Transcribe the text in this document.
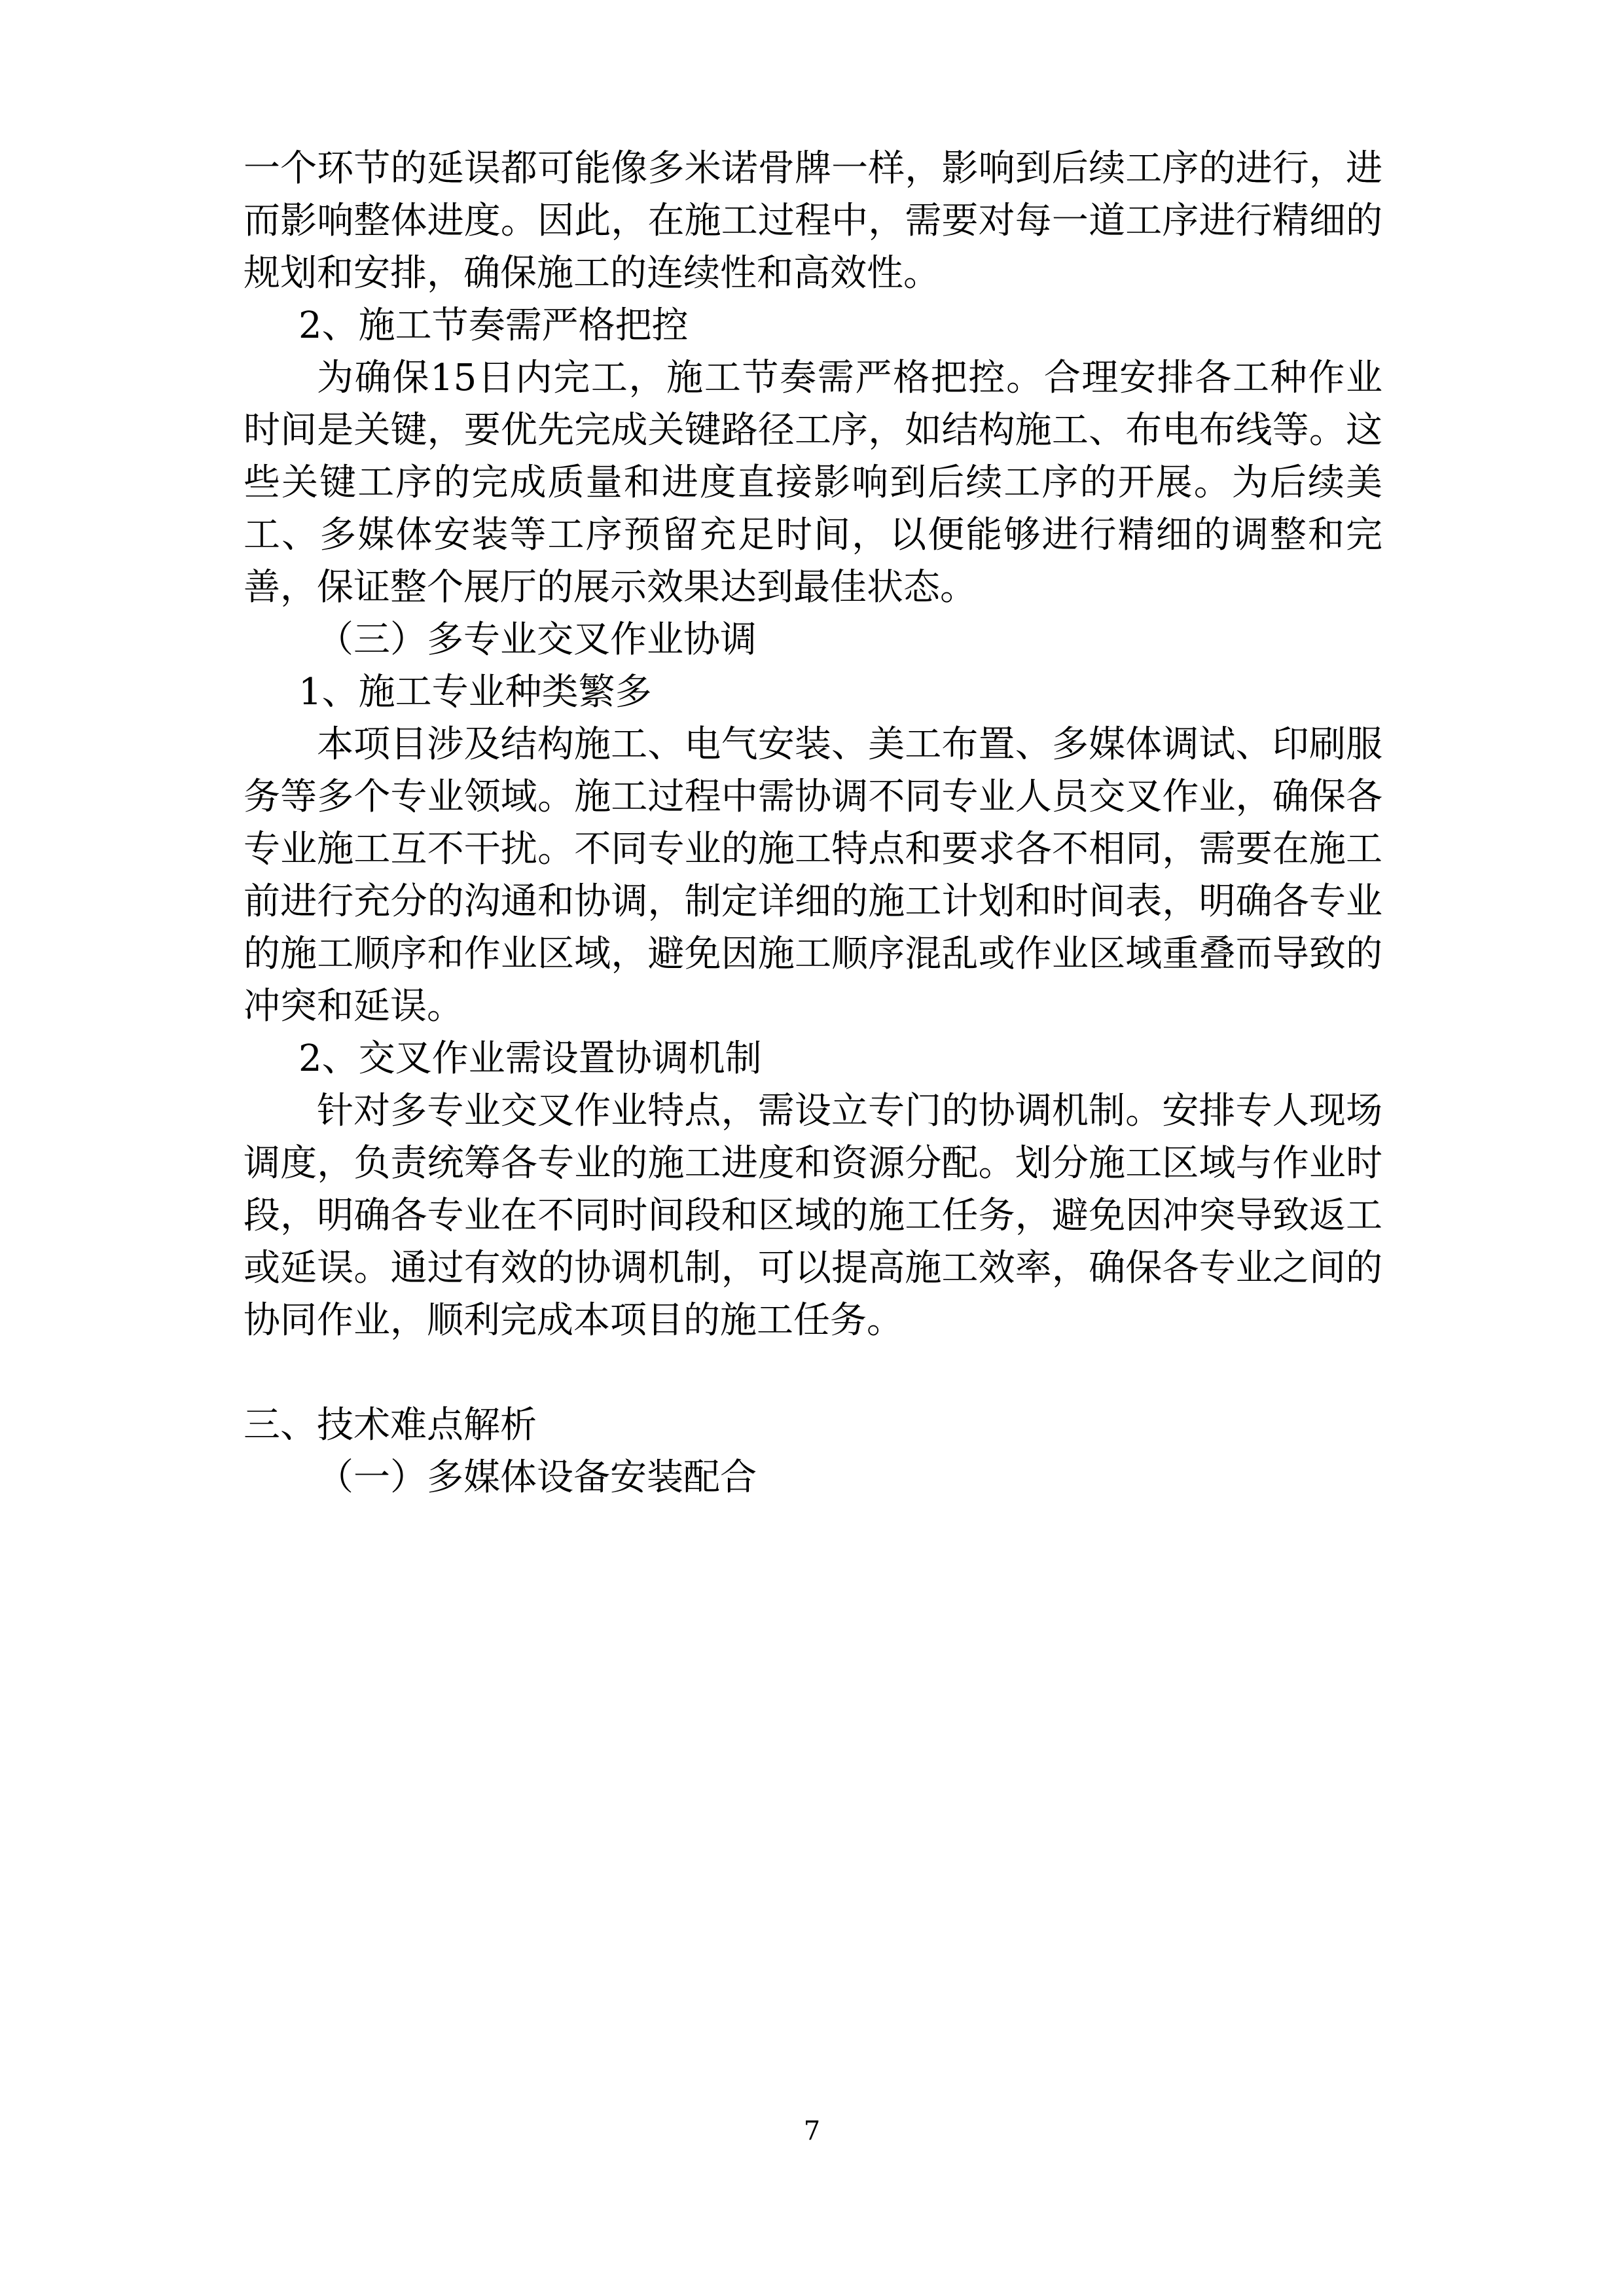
一个环节的延误都可能像多米诺骨牌一样，影响到后续工序的进行，进而影响整体进度。因此，在施工过程中，需要对每一道工序进行精细的规划和安排，确保施工的连续性和高效性。
2、施工节奏需严格把控
为确保15日内完工，施工节奏需严格把控。合理安排各工种作业时间是关键，要优先完成关键路径工序，如结构施工、布电布线等。这些关键工序的完成质量和进度直接影响到后续工序的开展。为后续美工、多媒体安装等工序预留充足时间，以便能够进行精细的调整和完善，保证整个展厅的展示效果达到最佳状态。
（三）多专业交叉作业协调
1、施工专业种类繁多
本项目涉及结构施工、电气安装、美工布置、多媒体调试、印刷服务等多个专业领域。施工过程中需协调不同专业人员交叉作业，确保各专业施工互不干扰。不同专业的施工特点和要求各不相同，需要在施工前进行充分的沟通和协调，制定详细的施工计划和时间表，明确各专业的施工顺序和作业区域，避免因施工顺序混乱或作业区域重叠而导致的冲突和延误。
2、交叉作业需设置协调机制
针对多专业交叉作业特点，需设立专门的协调机制。安排专人现场调度，负责统筹各专业的施工进度和资源分配。划分施工区域与作业时段，明确各专业在不同时间段和区域的施工任务，避免因冲突导致返工或延误。通过有效的协调机制，可以提高施工效率，确保各专业之间的协同作业，顺利完成本项目的施工任务。
三、技术难点解析
（一）多媒体设备安装配合
7
